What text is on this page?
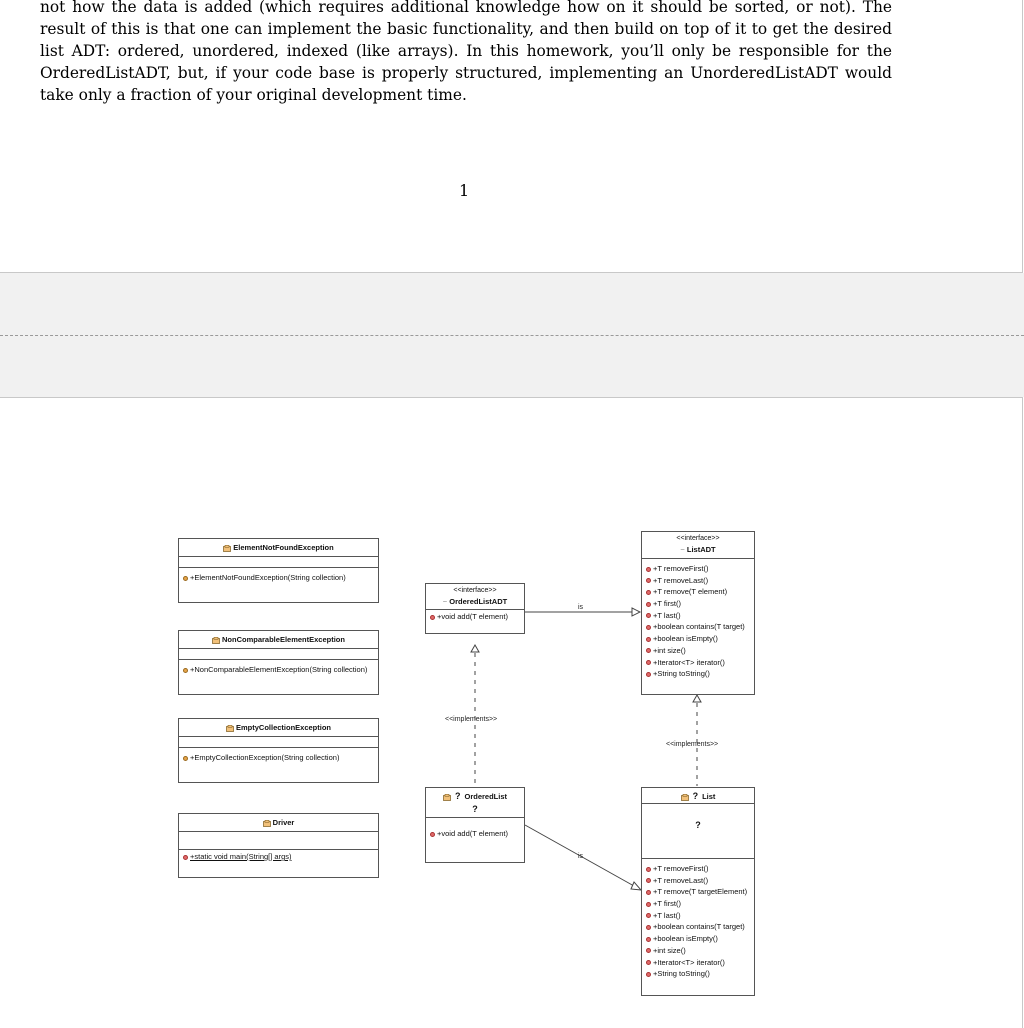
not how the data is added (which requires additional knowledge how on it should be sorted, or not). The result of this is that one can implement the basic functionality, and then build on top of it to get the desired list ADT: ordered, unordered, indexed (like arrays). In this homework, you’ll only be responsible for the OrderedListADT, but, if your code base is properly structured, implementing an UnorderedListADT would take only a fraction of your original development time.

1
is
<<implements>>
<<implements>>
is
ElementNotFoundException
+ElementNotFoundException(String collection)
NonComparableElementException
+NonComparableElementException(String collection)
EmptyCollectionException
+EmptyCollectionException(String collection)
Driver
+static void main(String[] args)
<<interface>>
~ OrderedListADT
+void add(T element)
<<interface>>
~ ListADT
+T removeFirst()
+T removeLast()
+T remove(T element)
+T first()
+T last()
+boolean contains(T target)
+boolean isEmpty()
+int size()
+Iterator<T> iterator()
+String toString()
? OrderedList
?
+void add(T element)
? List
?
+T removeFirst()
+T removeLast()
+T remove(T targetElement)
+T first()
+T last()
+boolean contains(T target)
+boolean isEmpty()
+int size()
+Iterator<T> iterator()
+String toString()
